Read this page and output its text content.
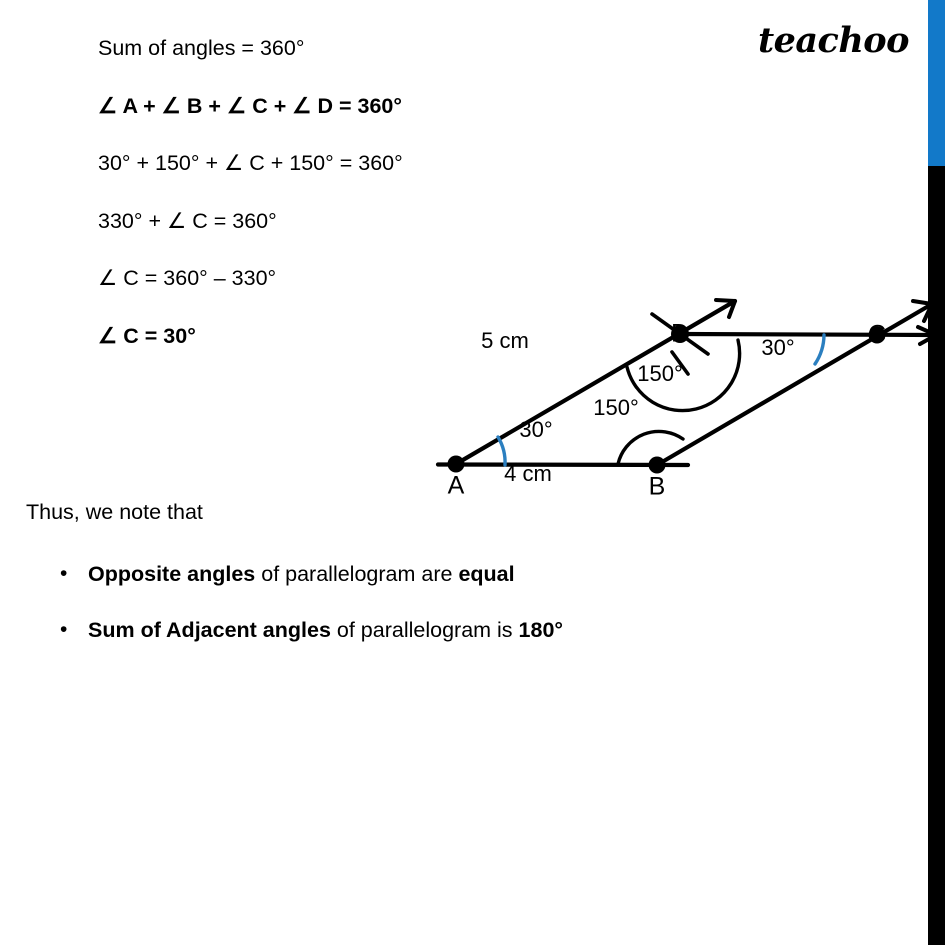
teachoo
Sum of angles = 360°
∠ A + ∠ B + ∠ C + ∠ D = 360°
30° + 150° + ∠ C + 150° = 360°
330° + ∠ C = 360°
∠ C = 360° – 330°
∠ C = 30°
Thus, we note that
• Opposite angles of parallelogram are equal
• Sum of Adjacent angles of parallelogram is 180°
A	B
C
D
4 cm
5 cm
30°
150°
150°
30°
